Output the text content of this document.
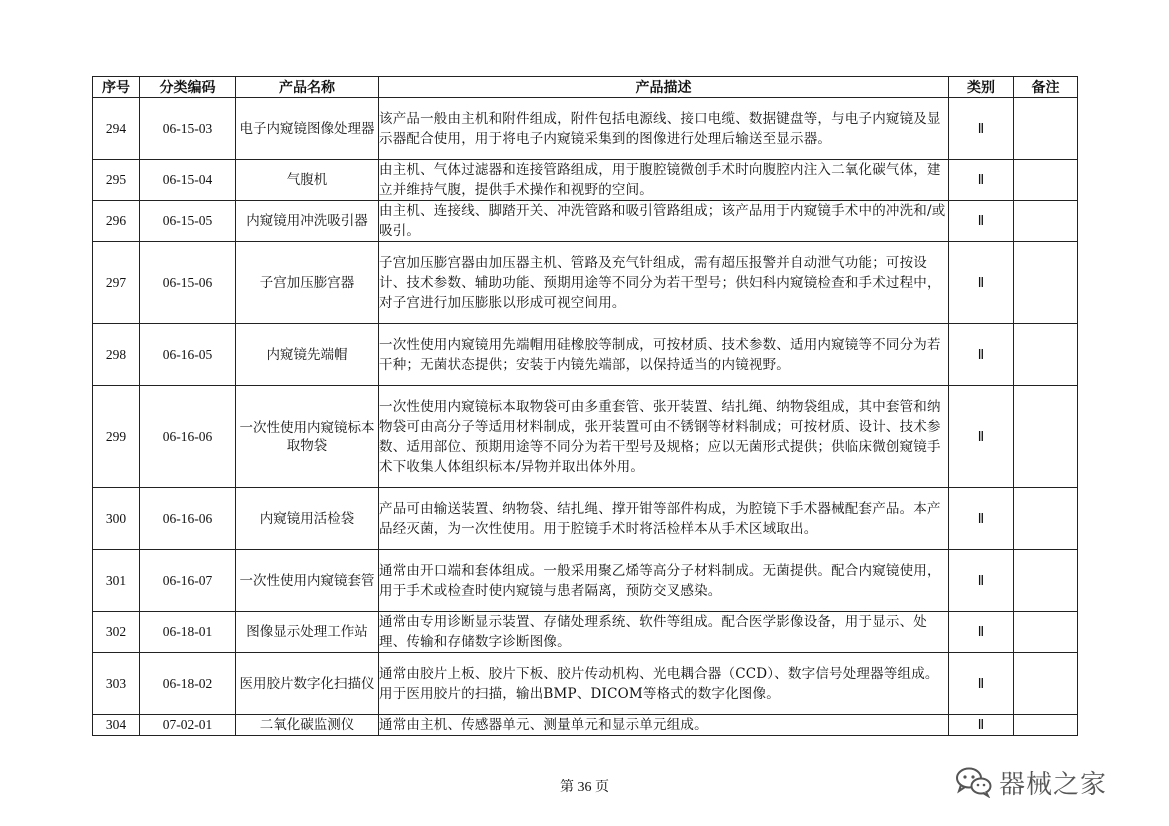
序号	分类编码	产品名称	产品描述	类别	备注
294	06-15-03	电子内窥镜图像处理器	该产品一般由主机和附件组成，附件包括电源线、接口电缆、数据键盘等，与电子内窥镜及显示器配合使用，用于将电子内窥镜采集到的图像进行处理后输送至显示器。	Ⅱ	
295	06-15-04	气腹机	由主机、气体过滤器和连接管路组成，用于腹腔镜微创手术时向腹腔内注入二氧化碳气体，建立并维持气腹，提供手术操作和视野的空间。	Ⅱ	
296	06-15-05	内窥镜用冲洗吸引器	由主机、连接线、脚踏开关、冲洗管路和吸引管路组成；该产品用于内窥镜手术中的冲洗和/或吸引。	Ⅱ	
297	06-15-06	子宫加压膨宫器	子宫加压膨宫器由加压器主机、管路及充气针组成，需有超压报警并自动泄气功能；可按设计、技术参数、辅助功能、预期用途等不同分为若干型号；供妇科内窥镜检查和手术过程中，对子宫进行加压膨胀以形成可视空间用。	Ⅱ	
298	06-16-05	内窥镜先端帽	一次性使用内窥镜用先端帽用硅橡胶等制成，可按材质、技术参数、适用内窥镜等不同分为若干种；无菌状态提供；安装于内镜先端部，以保持适当的内镜视野。	Ⅱ	
299	06-16-06	一次性使用内窥镜标本取物袋	一次性使用内窥镜标本取物袋可由多重套管、张开装置、结扎绳、纳物袋组成，其中套管和纳物袋可由高分子等适用材料制成，张开装置可由不锈钢等材料制成；可按材质、设计、技术参数、适用部位、预期用途等不同分为若干型号及规格；应以无菌形式提供；供临床微创窥镜手术下收集人体组织标本/异物并取出体外用。	Ⅱ	
300	06-16-06	内窥镜用活检袋	产品可由输送装置、纳物袋、结扎绳、撑开钳等部件构成，为腔镜下手术器械配套产品。本产品经灭菌，为一次性使用。用于腔镜手术时将活检样本从手术区域取出。	Ⅱ	
301	06-16-07	一次性使用内窥镜套管	通常由开口端和套体组成。一般采用聚乙烯等高分子材料制成。无菌提供。配合内窥镜使用，用于手术或检查时使内窥镜与患者隔离，预防交叉感染。	Ⅱ	
302	06-18-01	图像显示处理工作站	通常由专用诊断显示装置、存储处理系统、软件等组成。配合医学影像设备，用于显示、处理、传输和存储数字诊断图像。	Ⅱ	
303	06-18-02	医用胶片数字化扫描仪	通常由胶片上板、胶片下板、胶片传动机构、光电耦合器（CCD）、数字信号处理器等组成。用于医用胶片的扫描，输出BMP、DICOM等格式的数字化图像。	Ⅱ	
304	07-02-01	二氧化碳监测仪	通常由主机、传感器单元、测量单元和显示单元组成。	Ⅱ	
第 36 页	器械之家
